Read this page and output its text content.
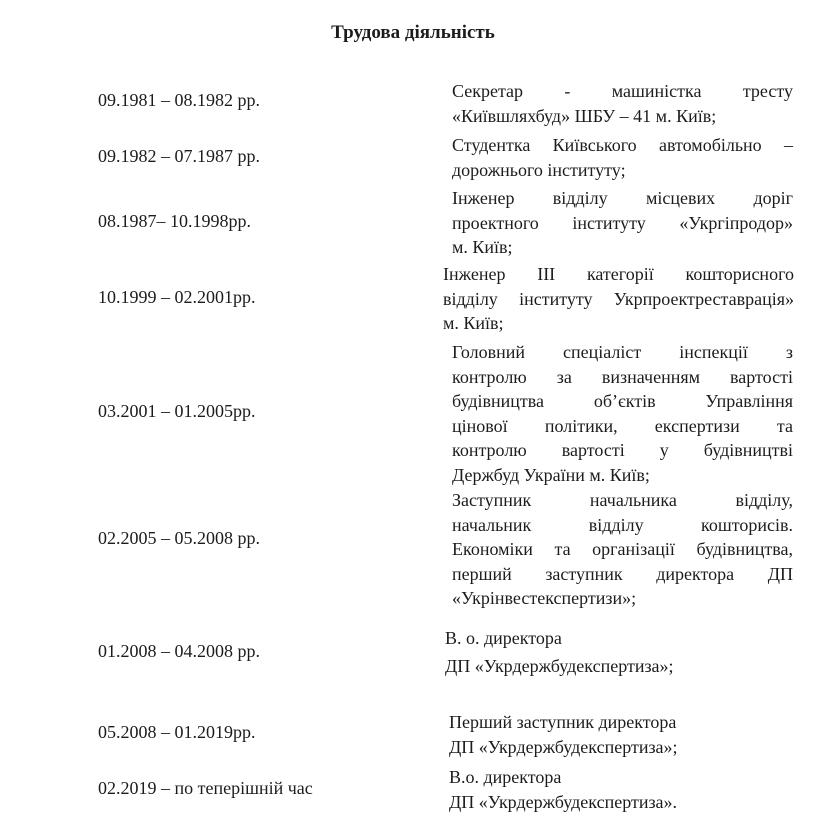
Трудова діяльність
09.1981 – 08.1982 рр.	Секретар - машиністка тресту
«Київшляхбуд» ШБУ – 41 м. Київ;
09.1982 – 07.1987 рр.
Студентка Київського автомобільно –
дорожнього інституту;
08.1987– 10.1998рр.
Інженер відділу місцевих доріг
проектного інституту «Укргіпродор»
м. Київ;
10.1999 – 02.2001рр.
Інженер III категорії кошторисного
відділу інституту Укрпроектреставрація»
м. Київ;
03.2001 – 01.2005рр.
Головний спеціаліст інспекції з
контролю за визначенням вартості
будівництва об’єктів Управління
цінової політики, експертизи та
контролю вартості у будівництві
Держбуд України м. Київ;
02.2005 – 05.2008 рр.
Заступник начальника відділу,
начальник відділу кошторисів.
Економіки та організації будівництва,
перший заступник директора ДП
«Укрінвестекспертизи»;
01.2008 – 04.2008 рр.
В. о. директора
ДП «Укрдержбудекспертиза»;
05.2008 – 01.2019рр.	Перший заступник директора
ДП «Укрдержбудекспертиза»;
02.2019 – по теперішній час
В.о. директора
ДП «Укрдержбудекспертиза».
